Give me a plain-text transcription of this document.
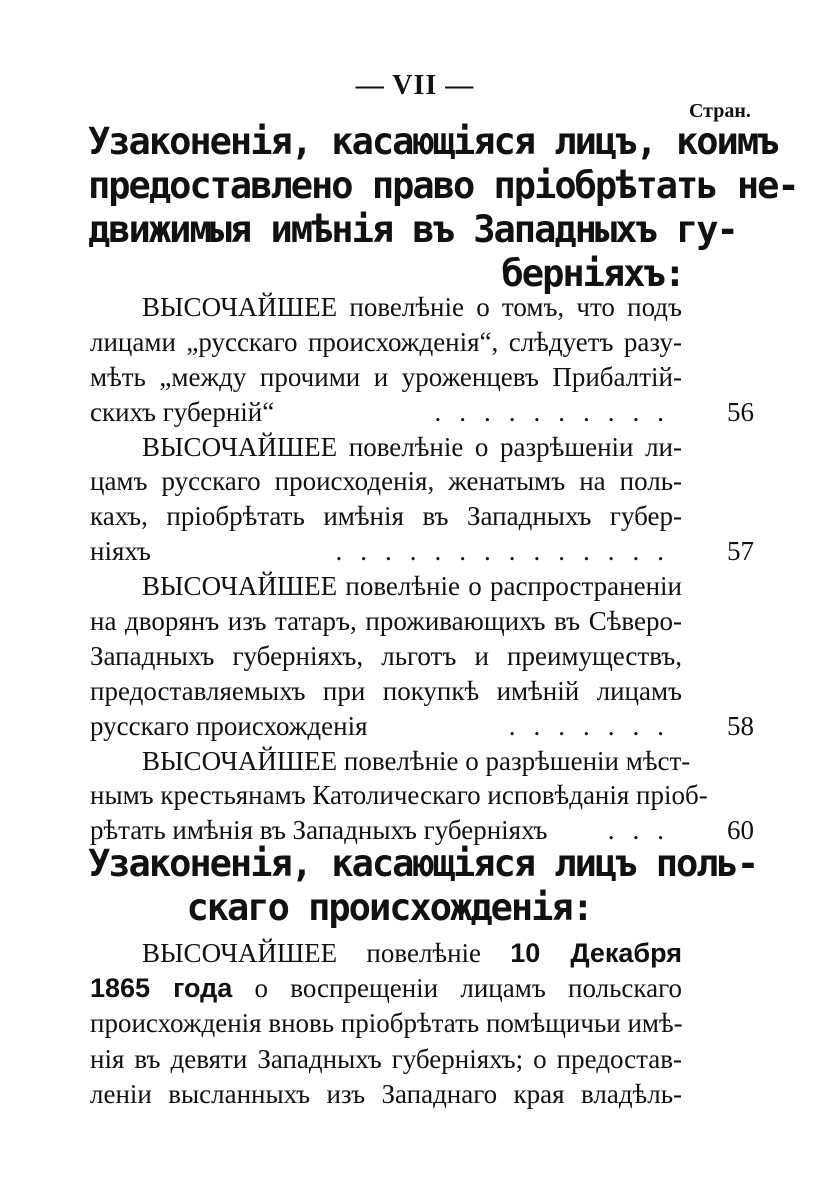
— VII —
Стран.
Узаконенія, касающіяся лицъ, коимъ
предоставлено право пріобрѣтать не-
движимыя имѣнія въ Западныхъ гу-
берніяхъ:
ВЫСОЧАЙШЕЕ повелѣніе о томъ, что подъ
лицами „русскаго происхожденія“, слѣдуетъ разу-
мѣть „между прочими и уроженцевъ Прибалтій-
скихъ губерній“	..........	56
ВЫСОЧАЙШЕЕ повелѣніе о разрѣшеніи ли-
цамъ русскаго происходенія, женатымъ на поль-
кахъ, пріобрѣтать имѣнія въ Западныхъ губер-
ніяхъ	..............	57
ВЫСОЧАЙШЕЕ повелѣніе о распространеніи
на дворянъ изъ татаръ, проживающихъ въ Сѣверо-
Западныхъ губерніяхъ, льготъ и преимуществъ,
предоставляемыхъ при покупкѣ имѣній лицамъ
русскаго происхожденія	.......	58
ВЫСОЧАЙШЕЕ повелѣніе о разрѣшеніи мѣст-
нымъ крестьянамъ Католическаго исповѣданія пріоб-
рѣтать имѣнія въ Западныхъ губерніяхъ ...	60
Узаконенія, касающіяся лицъ поль-
скаго происхожденія:
ВЫСОЧАЙШЕЕ повелѣніе 10 Декабря
1865 года о воспрещеніи лицамъ польскаго
происхожденія вновь пріобрѣтать помѣщичьи имѣ-
нія въ девяти Западныхъ губерніяхъ; о предостав-
леніи высланныхъ изъ Западнаго края владѣль-
